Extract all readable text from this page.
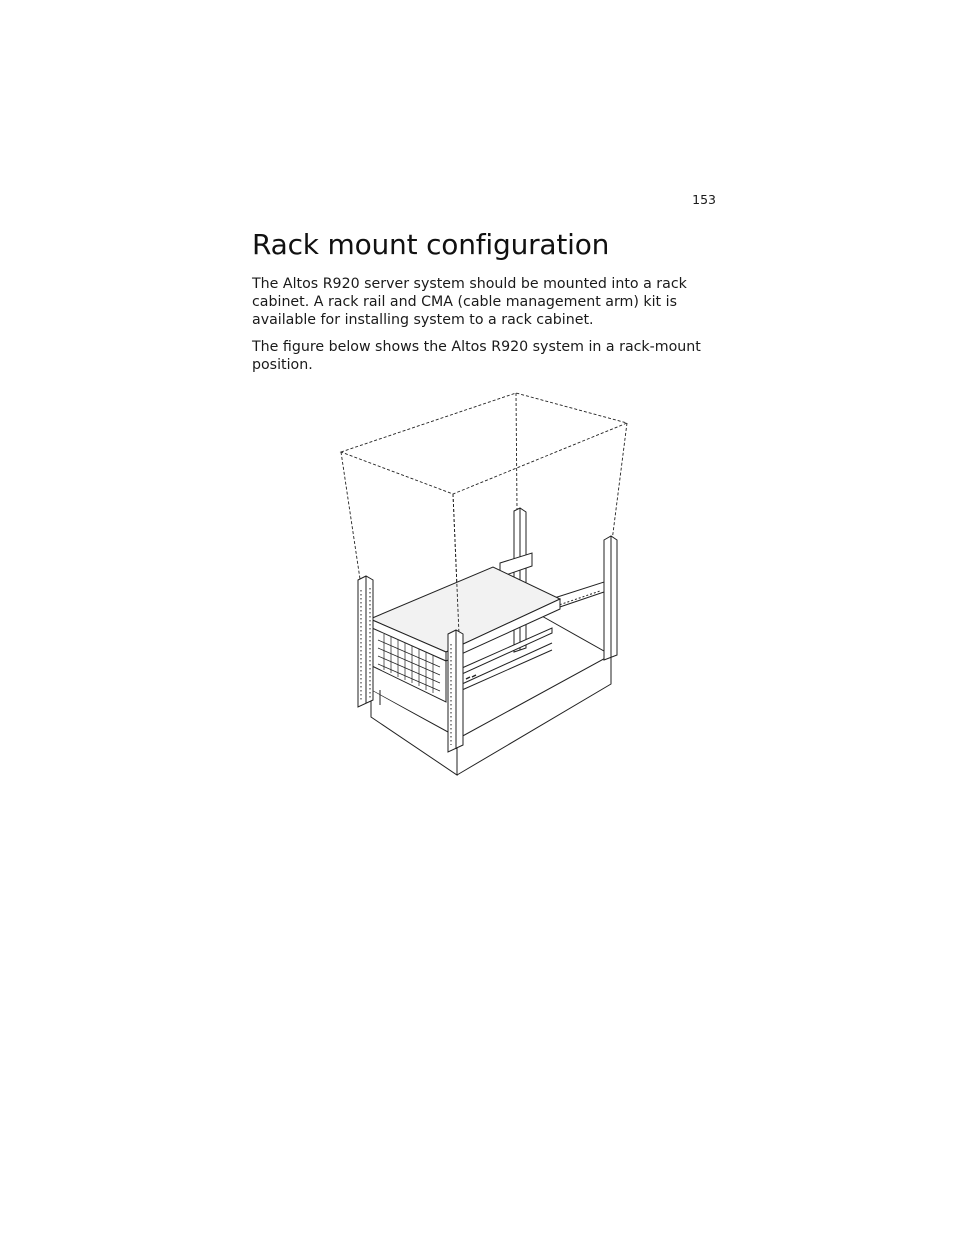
153
Rack mount configuration

The Altos R920 server system should be mounted into a rack cabinet. A rack rail and CMA (cable management arm) kit is available for installing system to a rack cabinet.

The figure below shows the Altos R920 system in a rack-mount position.
